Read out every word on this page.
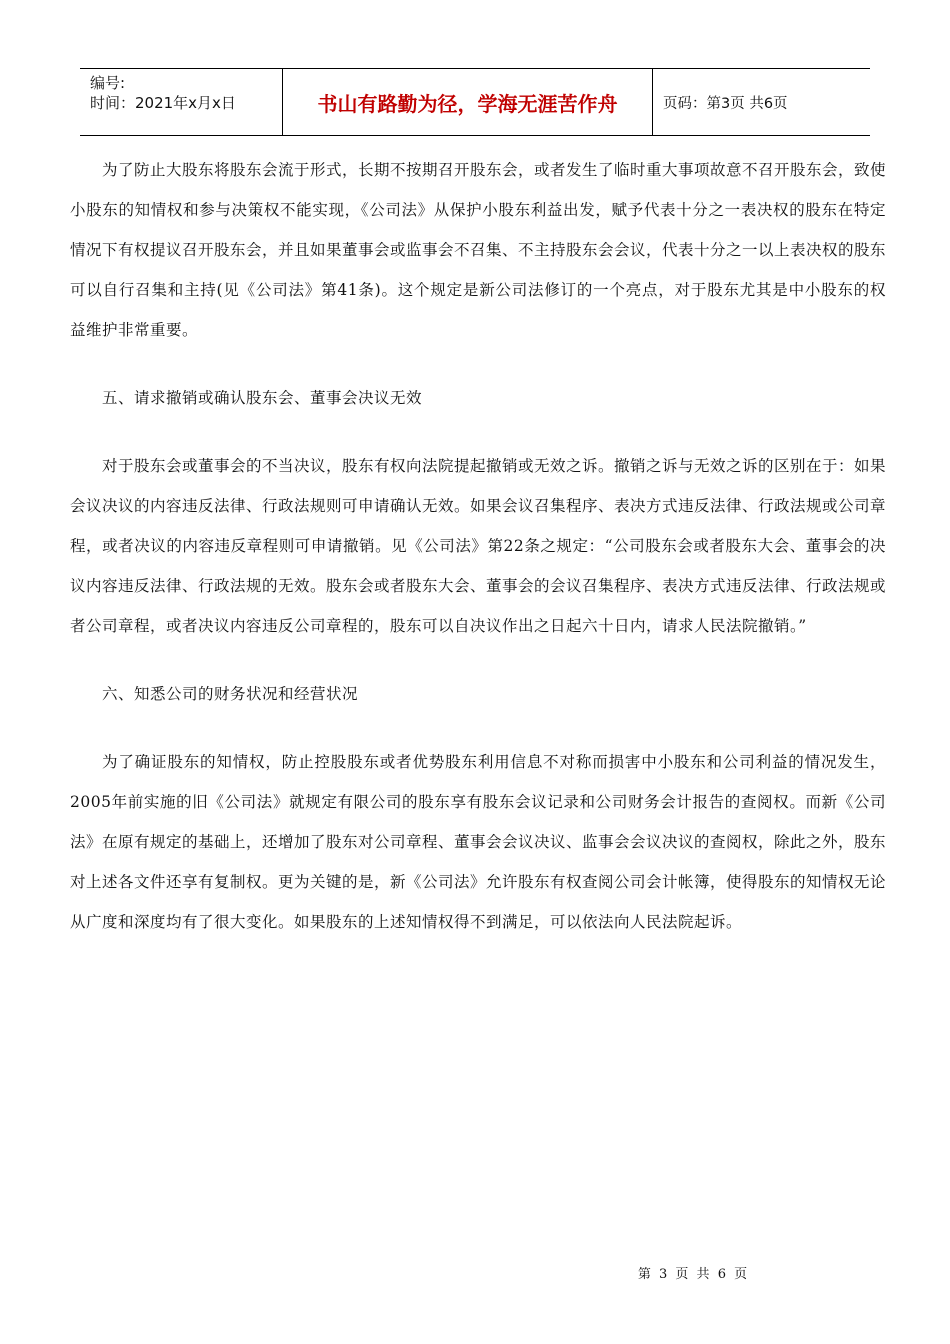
编号:
时间：2021年x月x日	书山有路勤为径，学海无涯苦作舟	页码：第3页 共6页

为了防止大股东将股东会流于形式，长期不按期召开股东会，或者发生了临时重大事项故意不召开股东会，致使小股东的知情权和参与决策权不能实现，《公司法》从保护小股东利益出发，赋予代表十分之一表决权的股东在特定情况下有权提议召开股东会，并且如果董事会或监事会不召集、不主持股东会会议，代表十分之一以上表决权的股东可以自行召集和主持(见《公司法》第41条)。这个规定是新公司法修订的一个亮点，对于股东尤其是中小股东的权益维护非常重要。

五、请求撤销或确认股东会、董事会决议无效

对于股东会或董事会的不当决议，股东有权向法院提起撤销或无效之诉。撤销之诉与无效之诉的区别在于：如果会议决议的内容违反法律、行政法规则可申请确认无效。如果会议召集程序、表决方式违反法律、行政法规或公司章程，或者决议的内容违反章程则可申请撤销。见《公司法》第22条之规定：“公司股东会或者股东大会、董事会的决议内容违反法律、行政法规的无效。股东会或者股东大会、董事会的会议召集程序、表决方式违反法律、行政法规或者公司章程，或者决议内容违反公司章程的，股东可以自决议作出之日起六十日内，请求人民法院撤销。”

六、知悉公司的财务状况和经营状况

为了确证股东的知情权，防止控股股东或者优势股东利用信息不对称而损害中小股东和公司利益的情况发生，2005年前实施的旧《公司法》就规定有限公司的股东享有股东会议记录和公司财务会计报告的查阅权。而新《公司法》在原有规定的基础上，还增加了股东对公司章程、董事会会议决议、监事会会议决议的查阅权，除此之外，股东对上述各文件还享有复制权。更为关键的是，新《公司法》允许股东有权查阅公司会计帐簿，使得股东的知情权无论从广度和深度均有了很大变化。如果股东的上述知情权得不到满足，可以依法向人民法院起诉。

第 3 页 共 6 页
